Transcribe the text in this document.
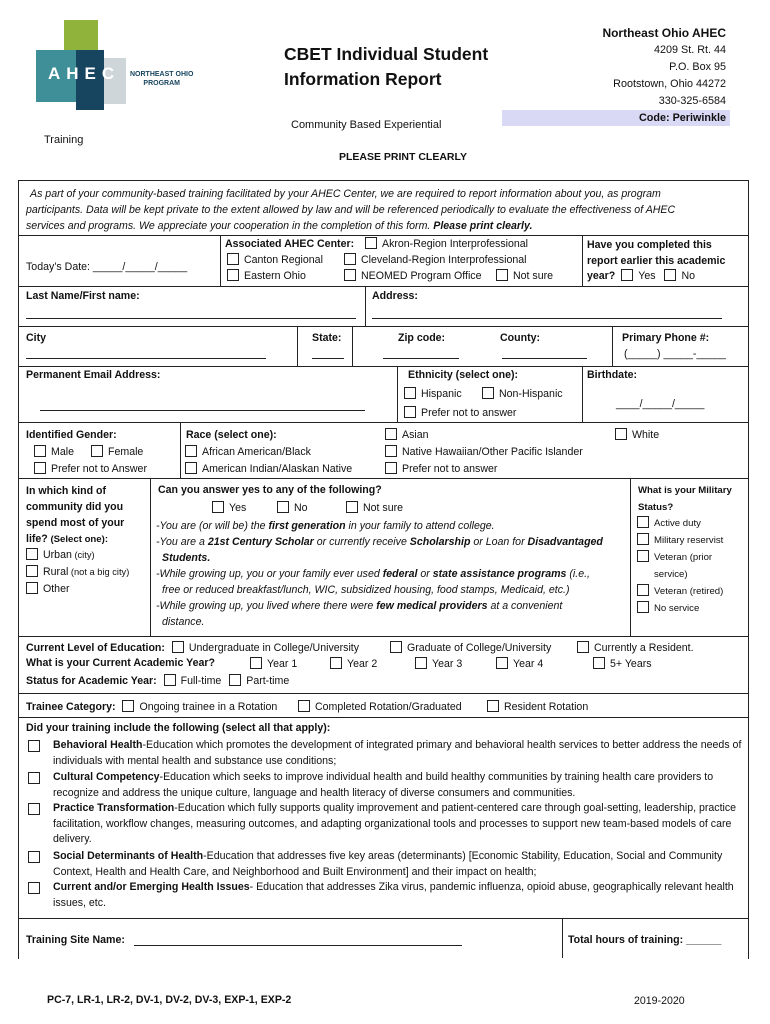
AHEC	NORTHEAST OHIO
PROGRAM
CBET Individual Student
Information Report
Community Based Experiential
Training
PLEASE PRINT CLEARLY
Northeast Ohio AHEC
4209 St. Rt. 44
P.O. Box 95
Rootstown, Ohio 44272
330-325-6584
Code: Periwinkle
As part of your community-based training facilitated by your AHEC Center, we are required to report information about you, as program
participants. Data will be kept private to the extent allowed by law and will be referenced periodically to evaluate the effectiveness of AHEC
services and programs. We appreciate your cooperation in the completion of this form. Please print clearly.
Today’s Date: _____/_____/_____
Associated AHEC Center:	Akron-Region Interprofessional
Canton Regional	Cleveland-Region Interprofessional
Eastern Ohio	NEOMED Program Office	Not sure
Have you completed this
report earlier this academic
year? Yes No
Last Name/First name:	Address:
City	State:	Zip code:	County:	Primary Phone #:
(_____) _____-_____
Permanent Email Address:	Ethnicity (select one):
Hispanic	Non-Hispanic
Prefer not to answer
Birthdate:
____/_____/_____
Identified Gender:
Male	Female
Prefer not to Answer
Race (select one):
African American/Black
American Indian/Alaskan Native
Asian
Native Hawaiian/Other Pacific Islander
Prefer not to answer
White
In which kind of
community did you
spend most of your
life? (Select one):
Urban (city)
Rural (not a big city)
Other
Can you answer yes to any of the following?
Yes	No	Not sure
-You are (or will be) the first generation in your family to attend college.
-You are a 21st Century Scholar or currently receive Scholarship or Loan for Disadvantaged
Students.
-While growing up, you or your family ever used federal or state assistance programs (i.e.,
free or reduced breakfast/lunch, WIC, subsidized housing, food stamps, Medicaid, etc.)
-While growing up, you lived where there were few medical providers at a convenient
distance.
What is your Military
Status?
Active duty
Military reservist
Veteran (prior
service)
Veteran (retired)
No service
Current Level of Education: Undergraduate in College/University	Graduate of College/University	Currently a Resident.
What is your Current Academic Year?	Year 1	Year 2	Year 3	Year 4	5+ Years
Status for Academic Year: Full-time Part-time
Trainee Category: Ongoing trainee in a Rotation	Completed Rotation/Graduated	Resident Rotation
Did your training include the following (select all that apply):
Behavioral Health-Education which promotes the development of integrated primary and behavioral health services to better address the needs of individuals with mental health and substance use conditions;
Cultural Competency-Education which seeks to improve individual health and build healthy communities by training health care providers to recognize and address the unique culture, language and health literacy of diverse consumers and communities.
Practice Transformation-Education which fully supports quality improvement and patient-centered care through goal-setting, leadership, practice facilitation, workflow changes, measuring outcomes, and adapting organizational tools and processes to support new team-based models of care delivery.
Social Determinants of Health-Education that addresses five key areas (determinants) [Economic Stability, Education, Social and Community Context, Health and Health Care, and Neighborhood and Built Environment] and their impact on health;
Current and/or Emerging Health Issues- Education that addresses Zika virus, pandemic influenza, opioid abuse, geographically relevant health issues, etc.
Training Site Name:	Total hours of training: ______
PC-7, LR-1, LR-2, DV-1, DV-2, DV-3, EXP-1, EXP-2	2019-2020
